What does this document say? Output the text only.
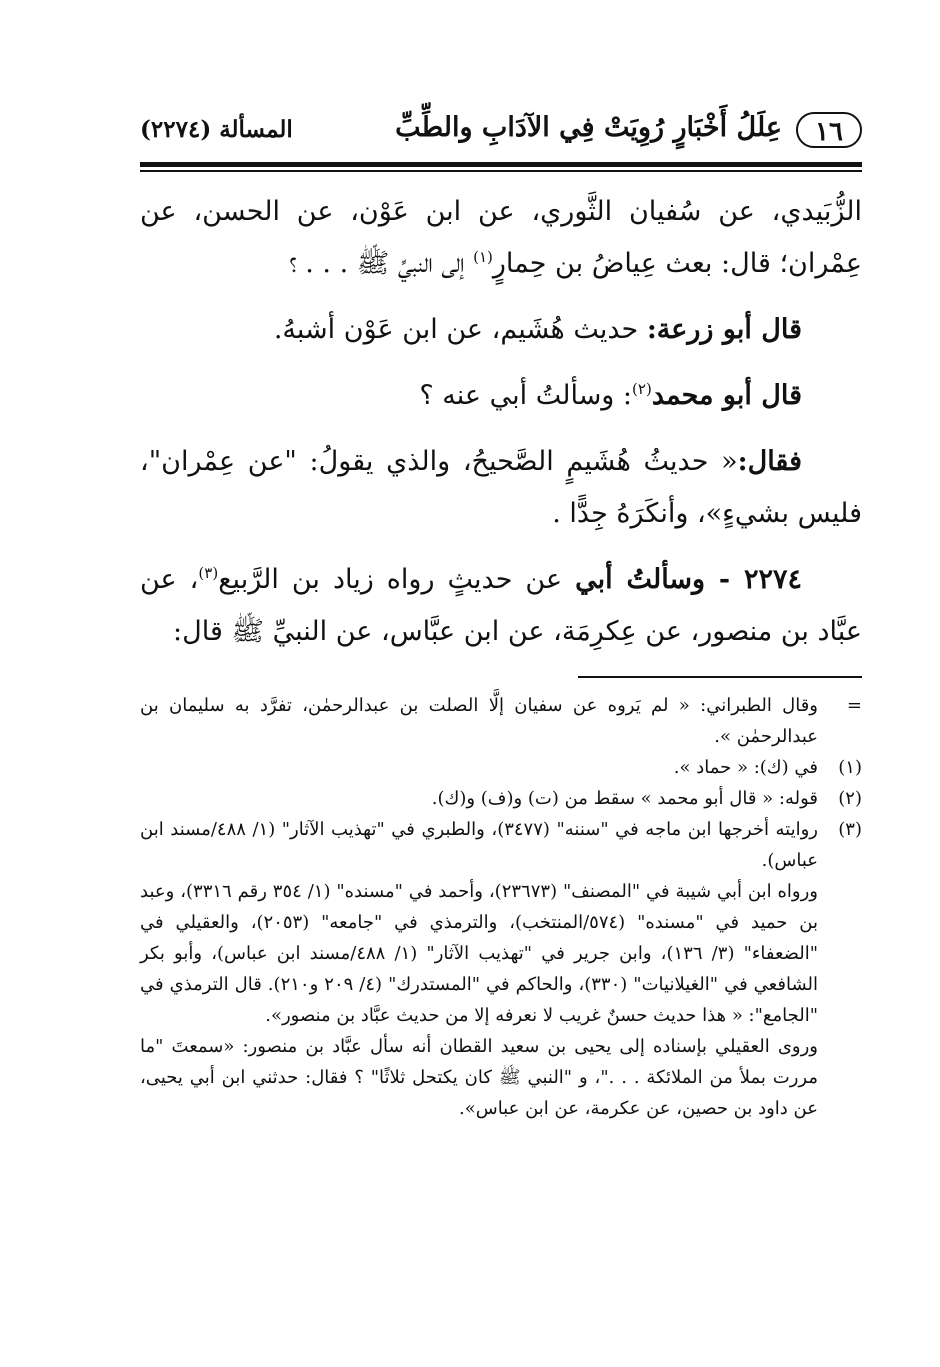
١٦
عِلَلُ أَخْبَارٍ رُوِيَتْ فِي الآدَابِ والطِّبِّ
المسألة (٢٢٧٤)

الزُّبَيدي، عن سُفيان الثَّوري، عن ابن عَوْن، عن الحسن، عن عِمْران؛ قال: بعث عِياضُ بن حِمارٍ$^{(١)}$ إلى النبيِّ ﷺ . . . ؟

قال أبو زرعة: حديث هُشَيم، عن ابن عَوْن أشبهُ.

قال أبو محمد$^{(٢)}$: وسألتُ أبي عنه ؟

فقال:« حديثُ هُشَيمٍ الصَّحيحُ، والذي يقولُ: "عن عِمْران"، فليس بشيءٍ»، وأنكَرَهُ جِدًّا .

٢٢٧٤ - وسألتُ أبي عن حديثٍ رواه زياد بن الرَّبيع$^{(٣)}$، عن عبَّاد بن منصور، عن عِكرِمَة، عن ابن عبَّاس، عن النبيِّ ﷺ قال:

=
وقال الطبراني: « لم يَروه عن سفيان إلَّا الصلت بن عبدالرحمٰن، تفرَّد به سليمان بن عبدالرحمٰن ».
(١)
في (ك): « حماد ».
(٢)
قوله: « قال أبو محمد » سقط من (ت) و(ف) و(ك).
(٣)
روايته أخرجها ابن ماجه في "سننه" (٣٤٧٧)، والطبري في "تهذيب الآثار" (١/ ٤٨٨/مسند ابن عباس).
ورواه ابن أبي شيبة في "المصنف" (٢٣٦٧٣)، وأحمد في "مسنده" (١/ ٣٥٤ رقم ٣٣١٦)، وعبد بن حميد في "مسنده" (٥٧٤/المنتخب)، والترمذي في "جامعه" (٢٠٥٣)، والعقيلي في "الضعفاء" (٣/ ١٣٦)، وابن جرير في "تهذيب الآثار" (١/ ٤٨٨/مسند ابن عباس)، وأبو بكر الشافعي في "الغيلانيات" (٣٣٠)، والحاكم في "المستدرك" (٤/ ٢٠٩ و٢١٠). قال الترمذي في "الجامع": « هذا حديث حسنٌ غريب لا نعرفه إلا من حديث عبَّاد بن منصور».
وروى العقيلي بإسناده إلى يحيى بن سعيد القطان أنه سأل عبَّاد بن منصور: «سمعتَ "ما مررت بملأ من الملائكة . . ."، و "النبي ﷺ كان يكتحل ثلاثًا" ؟ فقال: حدثني ابن أبي يحيى، عن داود بن حصين، عن عكرمة، عن ابن عباس».
